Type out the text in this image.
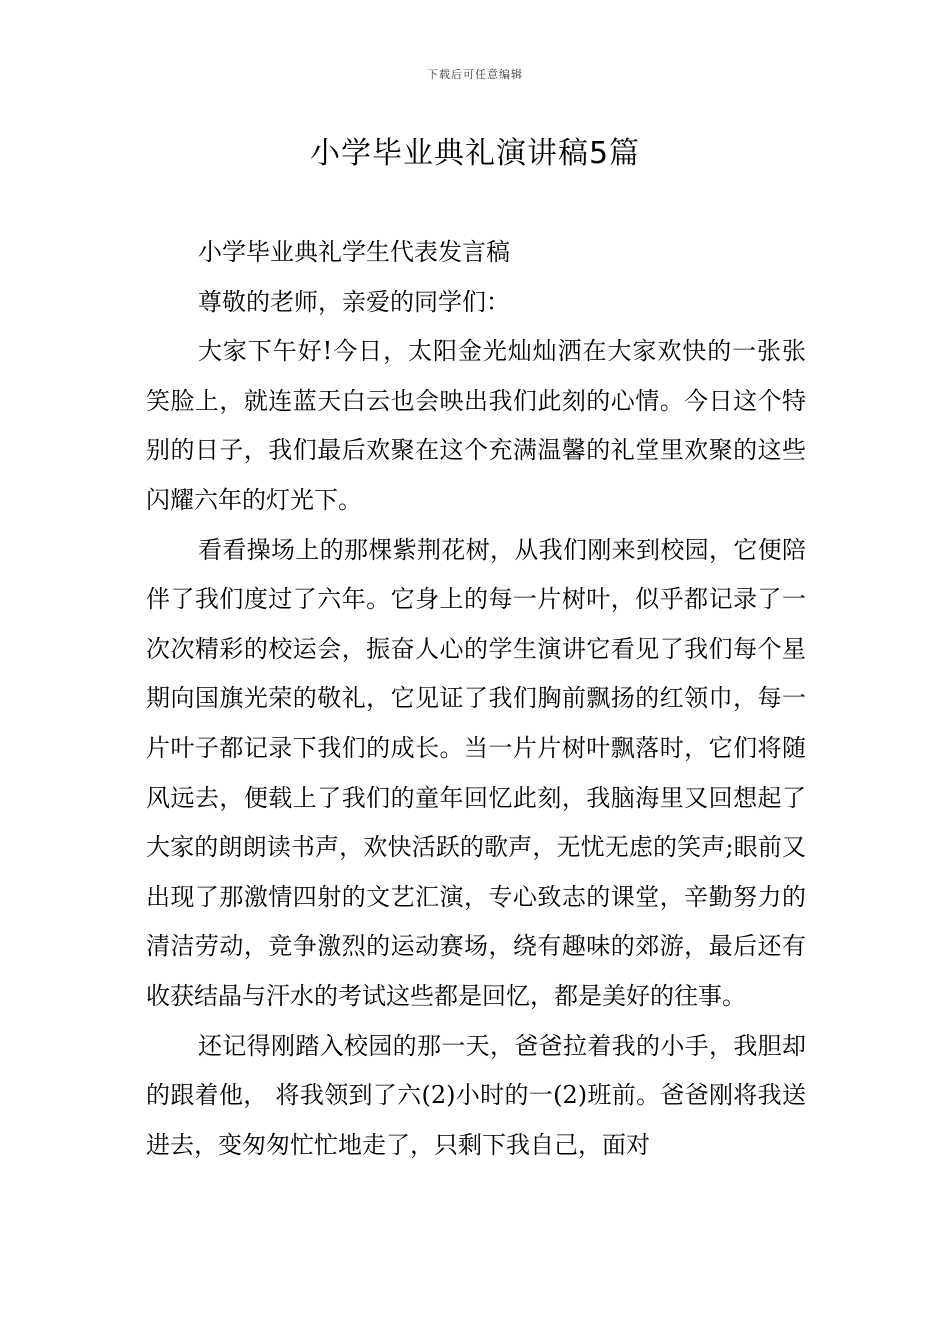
下载后可任意编辑
小学毕业典礼演讲稿5篇

小学毕业典礼学生代表发言稿

尊敬的老师，亲爱的同学们：

大家下午好!今日，太阳金光灿灿洒在大家欢快的一张张笑脸上，就连蓝天白云也会映出我们此刻的心情。今日这个特别的日子，我们最后欢聚在这个充满温馨的礼堂里欢聚的这些闪耀六年的灯光下。

看看操场上的那棵紫荆花树，从我们刚来到校园，它便陪伴了我们度过了六年。它身上的每一片树叶，似乎都记录了一次次精彩的校运会，振奋人心的学生演讲它看见了我们每个星期向国旗光荣的敬礼，它见证了我们胸前飘扬的红领巾，每一片叶子都记录下我们的成长。当一片片树叶飘落时，它们将随风远去，便载上了我们的童年回忆此刻，我脑海里又回想起了大家的朗朗读书声，欢快活跃的歌声，无忧无虑的笑声;眼前又出现了那激情四射的文艺汇演，专心致志的课堂，辛勤努力的清洁劳动，竞争激烈的运动赛场，绕有趣味的郊游，最后还有收获结晶与汗水的考试这些都是回忆，都是美好的往事。

还记得刚踏入校园的那一天，爸爸拉着我的小手，我胆却的跟着他， 将我领到了六(2)小时的一(2)班前。爸爸刚将我送进去，变匆匆忙忙地走了，只剩下我自己，面对
